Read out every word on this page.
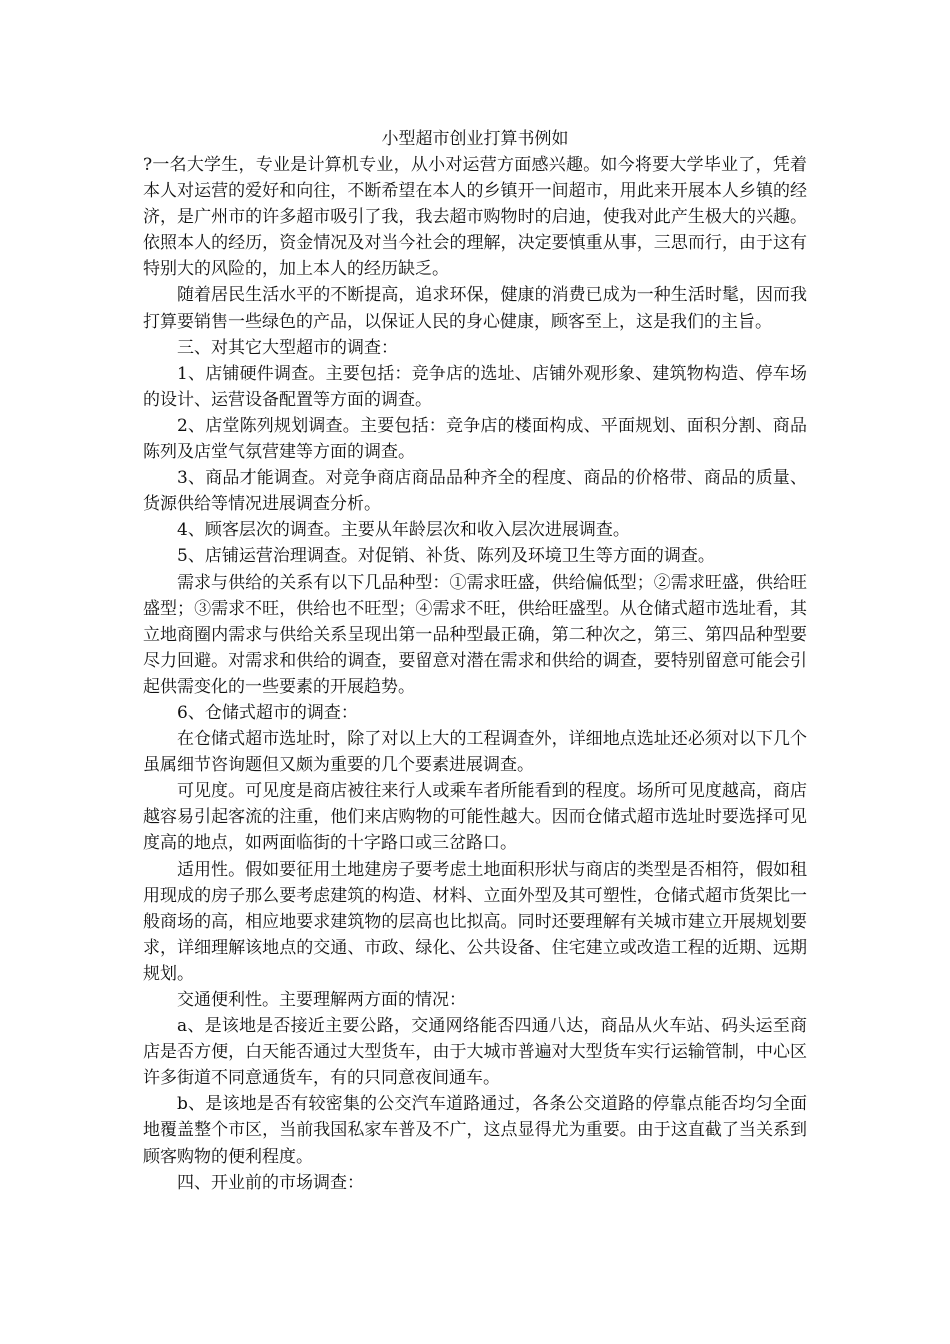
小型超市创业打算书例如

?一名大学生，专业是计算机专业，从小对运营方面感兴趣。如今将要大学毕业了，凭着本人对运营的爱好和向往，不断希望在本人的乡镇开一间超市，用此来开展本人乡镇的经济，是广州市的许多超市吸引了我，我去超市购物时的启迪，使我对此产生极大的兴趣。依照本人的经历，资金情况及对当今社会的理解，决定要慎重从事，三思而行，由于这有特别大的风险的，加上本人的经历缺乏。

随着居民生活水平的不断提高，追求环保，健康的消费已成为一种生活时髦，因而我打算要销售一些绿色的产品，以保证人民的身心健康，顾客至上，这是我们的主旨。

三、对其它大型超市的调查：

1、店铺硬件调查。主要包括：竞争店的选址、店铺外观形象、建筑物构造、停车场的设计、运营设备配置等方面的调查。

2、店堂陈列规划调查。主要包括：竞争店的楼面构成、平面规划、面积分割、商品陈列及店堂气氛营建等方面的调查。

3、商品才能调查。对竞争商店商品品种齐全的程度、商品的价格带、商品的质量、货源供给等情况进展调查分析。

4、顾客层次的调查。主要从年龄层次和收入层次进展调查。

5、店铺运营治理调查。对促销、补货、陈列及环境卫生等方面的调查。

需求与供给的关系有以下几品种型：①需求旺盛，供给偏低型；②需求旺盛，供给旺盛型；③需求不旺，供给也不旺型；④需求不旺，供给旺盛型。从仓储式超市选址看，其立地商圈内需求与供给关系呈现出第一品种型最正确，第二种次之，第三、第四品种型要尽力回避。对需求和供给的调查，要留意对潜在需求和供给的调查，要特别留意可能会引起供需变化的一些要素的开展趋势。

6、仓储式超市的调查：

在仓储式超市选址时，除了对以上大的工程调查外，详细地点选址还必须对以下几个虽属细节咨询题但又颇为重要的几个要素进展调查。

可见度。可见度是商店被往来行人或乘车者所能看到的程度。场所可见度越高，商店越容易引起客流的注重，他们来店购物的可能性越大。因而仓储式超市选址时要选择可见度高的地点，如两面临街的十字路口或三岔路口。

适用性。假如要征用土地建房子要考虑土地面积形状与商店的类型是否相符，假如租用现成的房子那么要考虑建筑的构造、材料、立面外型及其可塑性，仓储式超市货架比一般商场的高，相应地要求建筑物的层高也比拟高。同时还要理解有关城市建立开展规划要求，详细理解该地点的交通、市政、绿化、公共设备、住宅建立或改造工程的近期、远期规划。

交通便利性。主要理解两方面的情况：

a、是该地是否接近主要公路，交通网络能否四通八达，商品从火车站、码头运至商店是否方便，白天能否通过大型货车，由于大城市普遍对大型货车实行运输管制，中心区许多街道不同意通货车，有的只同意夜间通车。

b、是该地是否有较密集的公交汽车道路通过，各条公交道路的停靠点能否均匀全面地覆盖整个市区，当前我国私家车普及不广，这点显得尤为重要。由于这直截了当关系到顾客购物的便利程度。

四、开业前的市场调查：
